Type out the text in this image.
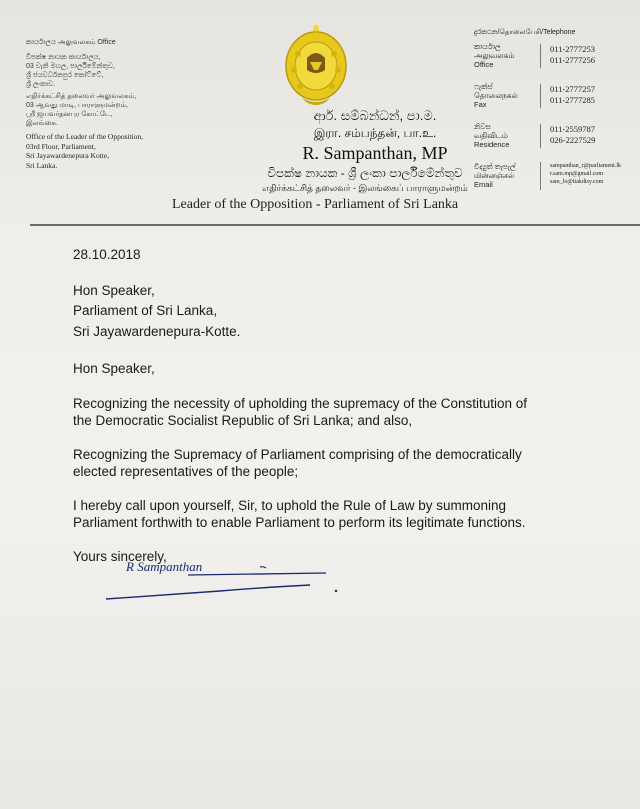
කාර්යාලය அலுவலகம் Office
විපක්ෂ නායක කාර්යාලය,
03 වැනි මහල, පාර්ලිමේන්තුව,
ශ්‍රී ජයවර්ධනපුර කෝට්ටේ,
ශ්‍රී ලංකාව.
எதிர்க்கட்சித் தலைவர் அலுவலகம்,
03 ஆவது மாடி, பாராளுமன்றம்,
ஸ்ரீ ஜயவர்தனபுர கோட்டே,
இலங்கை.
Office of the Leader of the Opposition,
03rd Floor, Parliament,
Sri Jayawardenepura Kotte,
Sri Lanka.
ආර්. සම්බන්ධන්, පා.ම.
இரா. சம்பந்தன், பா.உ.
R. Sampanthan, MP
විපක්ෂ නායක - ශ්‍රී ලංකා පාර්ලිමේන්තුව
எதிர்க்கட்சித் தலைவர் - இலங்கைப் பாராளுமன்றம்
Leader of the Opposition - Parliament of Sri Lanka
දුරකථන/தொலைபேசி/Telephone
කාර්යාල
அலுவலகம்
Office
011-2777253
011-2777256
ෆැක්ස්
தொலைநகல்
Fax
011-2777257
011-2777285
නිවස
வதிவிடம்
Residence
011-2559787
026-2227529
විද්‍යුත් තැපැල්
மின்னஞ்சல்
Email
sampanthan_r@parliament.lk
r.sam.mp@gmail.com
sam_lo@itakdisy.com

28.10.2018

Hon Speaker,

Parliament of Sri Lanka,

Sri Jayawardenepura-Kotte.

Hon Speaker,

Recognizing the necessity of upholding the supremacy of the Constitution of the Democratic Socialist Republic of Sri Lanka; and also,

Recognizing the Supremacy of Parliament comprising of the democratically elected representatives of the people;

I hereby call upon yourself, Sir, to uphold the Rule of Law by summoning Parliament forthwith to enable Parliament to perform its legitimate functions.

Yours sincerely,

R Sampanthan
